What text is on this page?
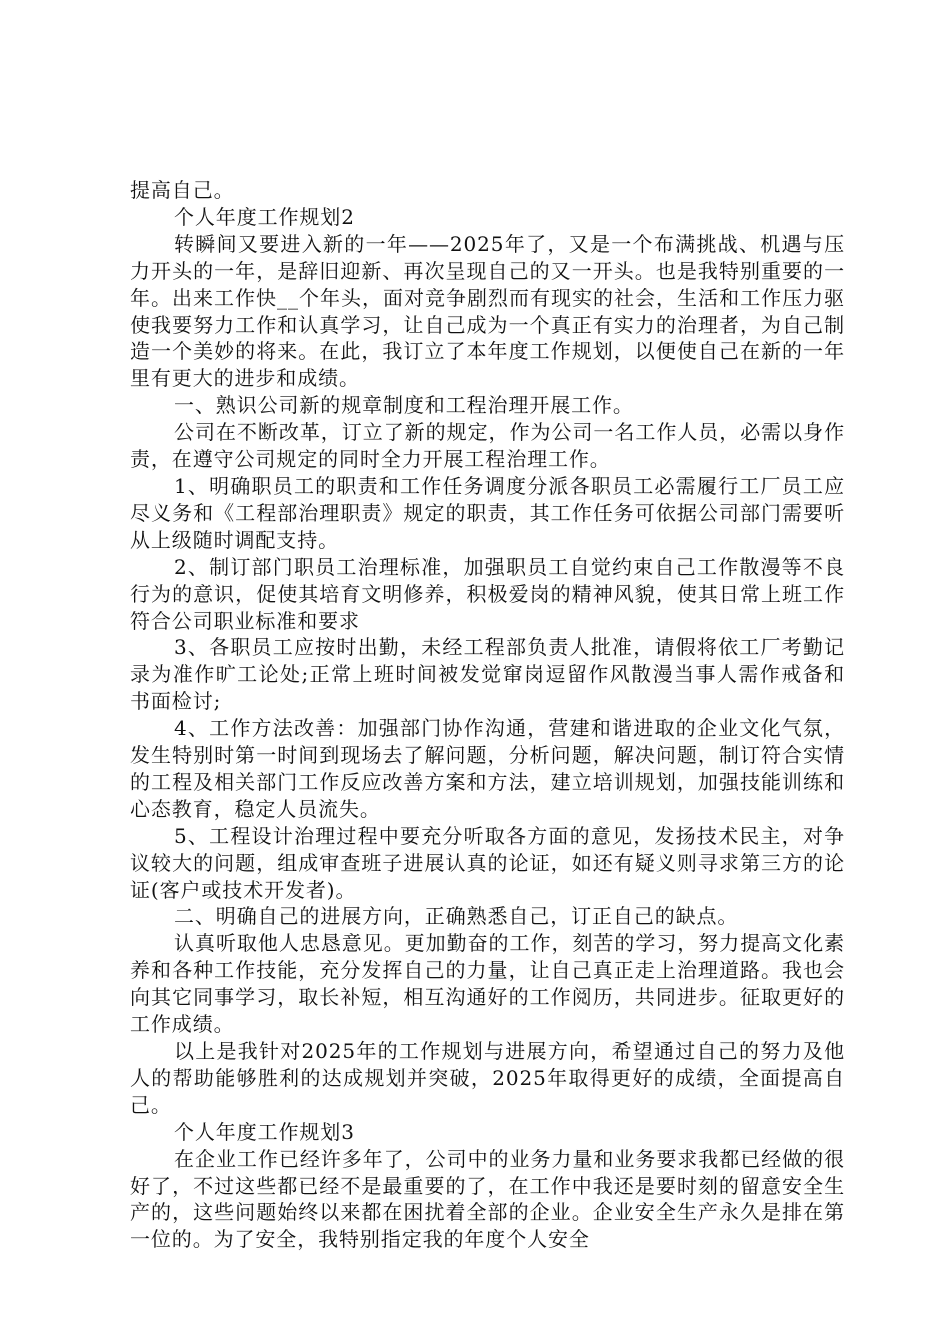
提高自己。

个人年度工作规划2

转瞬间又要进入新的一年——2025年了，又是一个布满挑战、机遇与压力开头的一年，是辞旧迎新、再次呈现自己的又一开头。也是我特别重要的一年。出来工作快__个年头，面对竞争剧烈而有现实的社会，生活和工作压力驱使我要努力工作和认真学习，让自己成为一个真正有实力的治理者，为自己制造一个美妙的将来。在此，我订立了本年度工作规划，以便使自己在新的一年里有更大的进步和成绩。

一、熟识公司新的规章制度和工程治理开展工作。

公司在不断改革，订立了新的规定，作为公司一名工作人员，必需以身作责，在遵守公司规定的同时全力开展工程治理工作。

1、明确职员工的职责和工作任务调度分派各职员工必需履行工厂员工应尽义务和《工程部治理职责》规定的职责，其工作任务可依据公司部门需要听从上级随时调配支持。

2、制订部门职员工治理标准，加强职员工自觉约束自己工作散漫等不良行为的意识，促使其培育文明修养，积极爱岗的精神风貌，使其日常上班工作符合公司职业标准和要求

3、各职员工应按时出勤，未经工程部负责人批准，请假将依工厂考勤记录为准作旷工论处;正常上班时间被发觉窜岗逗留作风散漫当事人需作戒备和书面检讨;

4、工作方法改善：加强部门协作沟通，营建和谐进取的企业文化气氛，发生特别时第一时间到现场去了解问题，分析问题，解决问题，制订符合实情的工程及相关部门工作反应改善方案和方法，建立培训规划，加强技能训练和心态教育，稳定人员流失。

5、工程设计治理过程中要充分听取各方面的意见，发扬技术民主，对争议较大的问题，组成审查班子进展认真的论证，如还有疑义则寻求第三方的论证(客户或技术开发者)。

二、明确自己的进展方向，正确熟悉自己，订正自己的缺点。

认真听取他人忠恳意见。更加勤奋的工作，刻苦的学习，努力提高文化素养和各种工作技能，充分发挥自己的力量，让自己真正走上治理道路。我也会向其它同事学习，取长补短，相互沟通好的工作阅历，共同进步。征取更好的工作成绩。

以上是我针对2025年的工作规划与进展方向，希望通过自己的努力及他人的帮助能够胜利的达成规划并突破，2025年取得更好的成绩，全面提高自己。

个人年度工作规划3

在企业工作已经许多年了，公司中的业务力量和业务要求我都已经做的很好了，不过这些都已经不是最重要的了，在工作中我还是要时刻的留意安全生产的，这些问题始终以来都在困扰着全部的企业。企业安全生产永久是排在第一位的。为了安全，我特别指定我的年度个人安全
